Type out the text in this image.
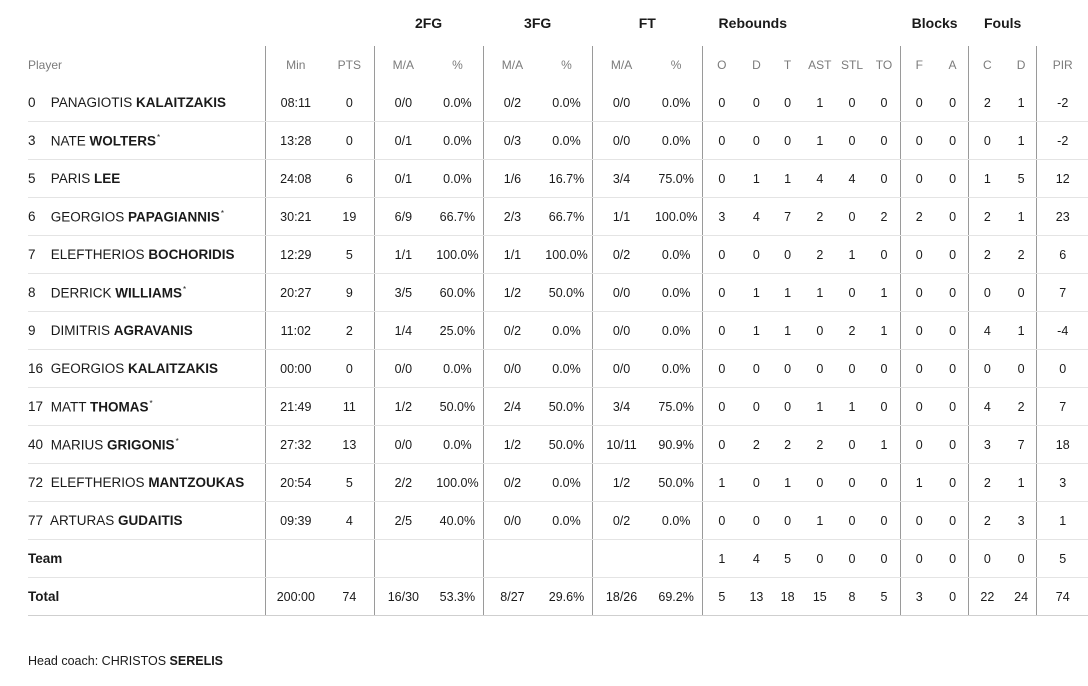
			2FG		3FG		FT		Rebounds						Blocks		Fouls		
Player	Min	PTS	M/A	%	M/A	%	M/A	%	O	D	T	AST	STL	TO	F	A	C	D	PIR
0 PANAGIOTIS KALAITZAKIS	08:11	0	0/0	0.0%	0/2	0.0%	0/0	0.0%	0	0	0	1	0	0	0	0	2	1	-2
3 NATE WOLTERS*	13:28	0	0/1	0.0%	0/3	0.0%	0/0	0.0%	0	0	0	1	0	0	0	0	0	1	-2
5 PARIS LEE	24:08	6	0/1	0.0%	1/6	16.7%	3/4	75.0%	0	1	1	4	4	0	0	0	1	5	12
6 GEORGIOS PAPAGIANNIS*	30:21	19	6/9	66.7%	2/3	66.7%	1/1	100.0%	3	4	7	2	0	2	2	0	2	1	23
7 ELEFTHERIOS BOCHORIDIS	12:29	5	1/1	100.0%	1/1	100.0%	0/2	0.0%	0	0	0	2	1	0	0	0	2	2	6
8 DERRICK WILLIAMS*	20:27	9	3/5	60.0%	1/2	50.0%	0/0	0.0%	0	1	1	1	0	1	0	0	0	0	7
9 DIMITRIS AGRAVANIS	11:02	2	1/4	25.0%	0/2	0.0%	0/0	0.0%	0	1	1	0	2	1	0	0	4	1	-4
16 GEORGIOS KALAITZAKIS	00:00	0	0/0	0.0%	0/0	0.0%	0/0	0.0%	0	0	0	0	0	0	0	0	0	0	0
17 MATT THOMAS*	21:49	11	1/2	50.0%	2/4	50.0%	3/4	75.0%	0	0	0	1	1	0	0	0	4	2	7
40 MARIUS GRIGONIS*	27:32	13	0/0	0.0%	1/2	50.0%	10/11	90.9%	0	2	2	2	0	1	0	0	3	7	18
72 ELEFTHERIOS MANTZOUKAS	20:54	5	2/2	100.0%	0/2	0.0%	1/2	50.0%	1	0	1	0	0	0	1	0	2	1	3
77 ARTURAS GUDAITIS	09:39	4	2/5	40.0%	0/0	0.0%	0/2	0.0%	0	0	0	1	0	0	0	0	2	3	1
Team									1	4	5	0	0	0	0	0	0	0	5
Total	200:00	74	16/30	53.3%	8/27	29.6%	18/26	69.2%	5	13	18	15	8	5	3	0	22	24	74
Head coach: CHRISTOS SERELIS
